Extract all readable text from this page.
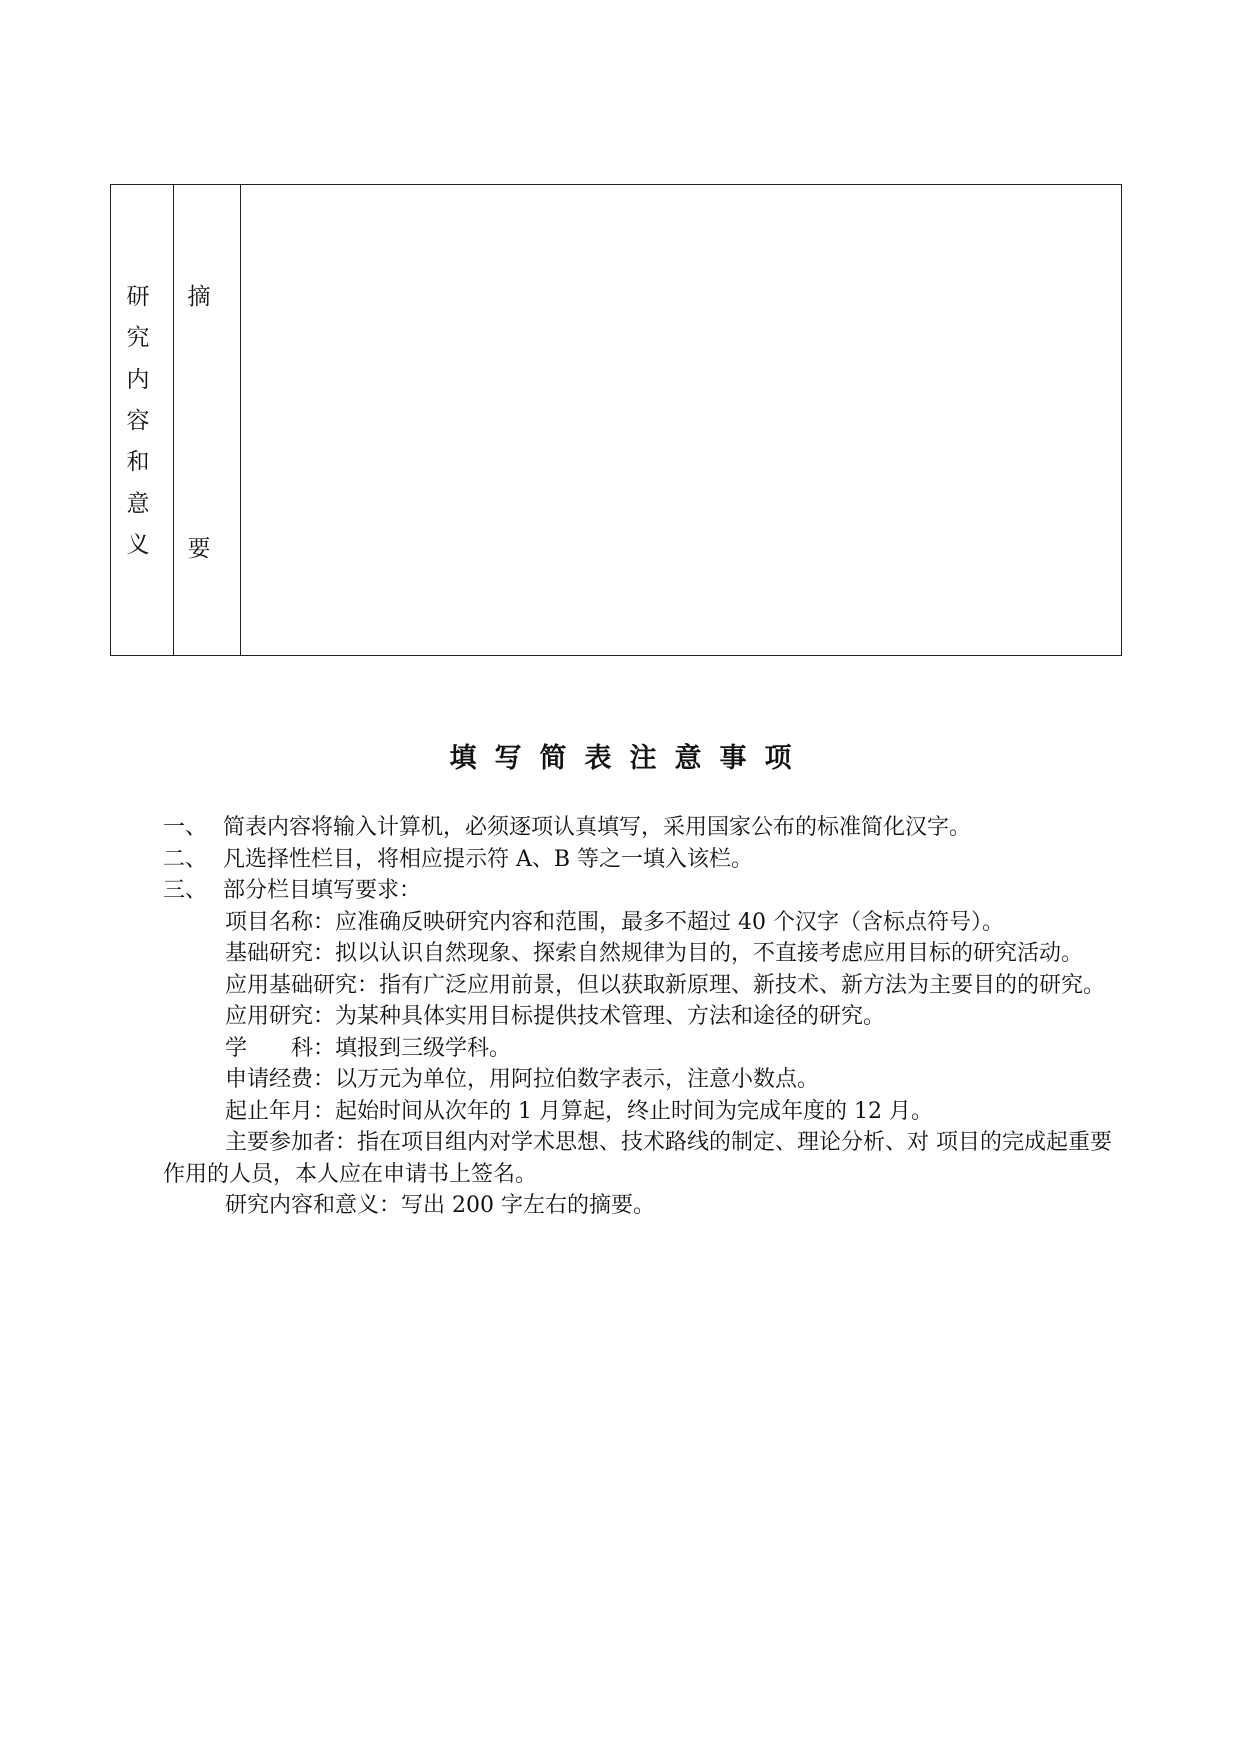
研
究
内
容
和
意
义
摘
要
填写简表注意事项

一、 简表内容将输入计算机，必须逐项认真填写，采用国家公布的标准简化汉字。

二、 凡选择性栏目，将相应提示符 A、B 等之一填入该栏。

三、 部分栏目填写要求：

项目名称：应准确反映研究内容和范围，最多不超过 40 个汉字（含标点符号）。

基础研究：拟以认识自然现象、探索自然规律为目的，不直接考虑应用目标的研究活动。

应用基础研究：指有广泛应用前景，但以获取新原理、新技术、新方法为主要目的的研究。

应用研究：为某种具体实用目标提供技术管理、方法和途径的研究。

学　　科：填报到三级学科。

申请经费：以万元为单位，用阿拉伯数字表示，注意小数点。

起止年月：起始时间从次年的 1 月算起，终止时间为完成年度的 12 月。

主要参加者：指在项目组内对学术思想、技术路线的制定、理论分析、对 项目的完成起重要作用的人员，本人应在申请书上签名。

研究内容和意义：写出 200 字左右的摘要。
